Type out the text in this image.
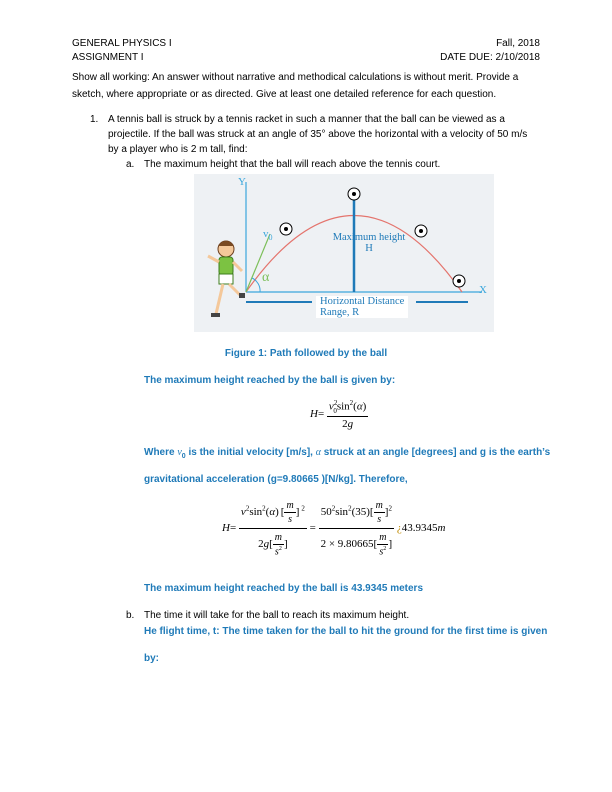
GENERAL PHYSICS I	Fall, 2018
ASSIGNMENT I	DATE DUE: 2/10/2018
Show all working: An answer without narrative and methodical calculations is without merit. Provide a
sketch, where appropriate or as directed. Give at least one detailed reference for each question.
1. A tennis ball is struck by a tennis racket in such a manner that the ball can be viewed as a
projectile. If the ball was struck at an angle of 35° above the horizontal with a velocity of 50 m/s
by a player who is 2 m tall, find:
a. The maximum height that the ball will reach above the tennis court.
Y
X
$v_0$
α
Maximum height
H
Horizontal Distance
Range, R
Figure 1: Path followed by the ball
The maximum height reached by the ball is given by:
$H= \frac{v^2_0\sin^2(\alpha)}{2g}$
Where $v_0$ is the initial velocity [m/s], α struck at an angle [degrees] and g is the earth’s
gravitational acceleration (g=9.80665 )[N/kg]. Therefore,
$H= \frac{v^2\sin^2(\alpha) [ \frac{m}{s} ] ^2}{2g[ \frac{m}{s^2} ]} = \frac{50^2\sin^2(35)[ \frac{m}{s} ]^2}{2 \times 9.80665[ \frac{m}{s^2} ]}$ ¿43.9345m
The maximum height reached by the ball is 43.9345 meters
b. The time it will take for the ball to reach its maximum height.
He flight time, t: The time taken for the ball to hit the ground for the first time is given
by:
